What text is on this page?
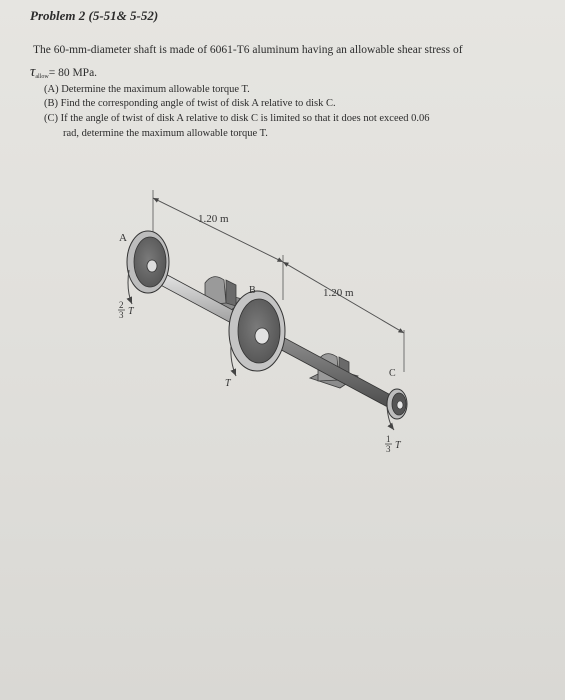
Problem 2 (5-51& 5-52)
The 60-mm-diameter shaft is made of 6061-T6 aluminum having an allowable shear stress of
$\tau_{allow}= 80$ MPa.
(A) Determine the maximum allowable torque T.
(B) Find the corresponding angle of twist of disk A relative to disk C.
(C) If the angle of twist of disk A relative to disk C is limited so that it does not exceed 0.06
rad, determine the maximum allowable torque T.
1.20 m
1.20 m
A
B
C
2
3 T
T
1
3 T
